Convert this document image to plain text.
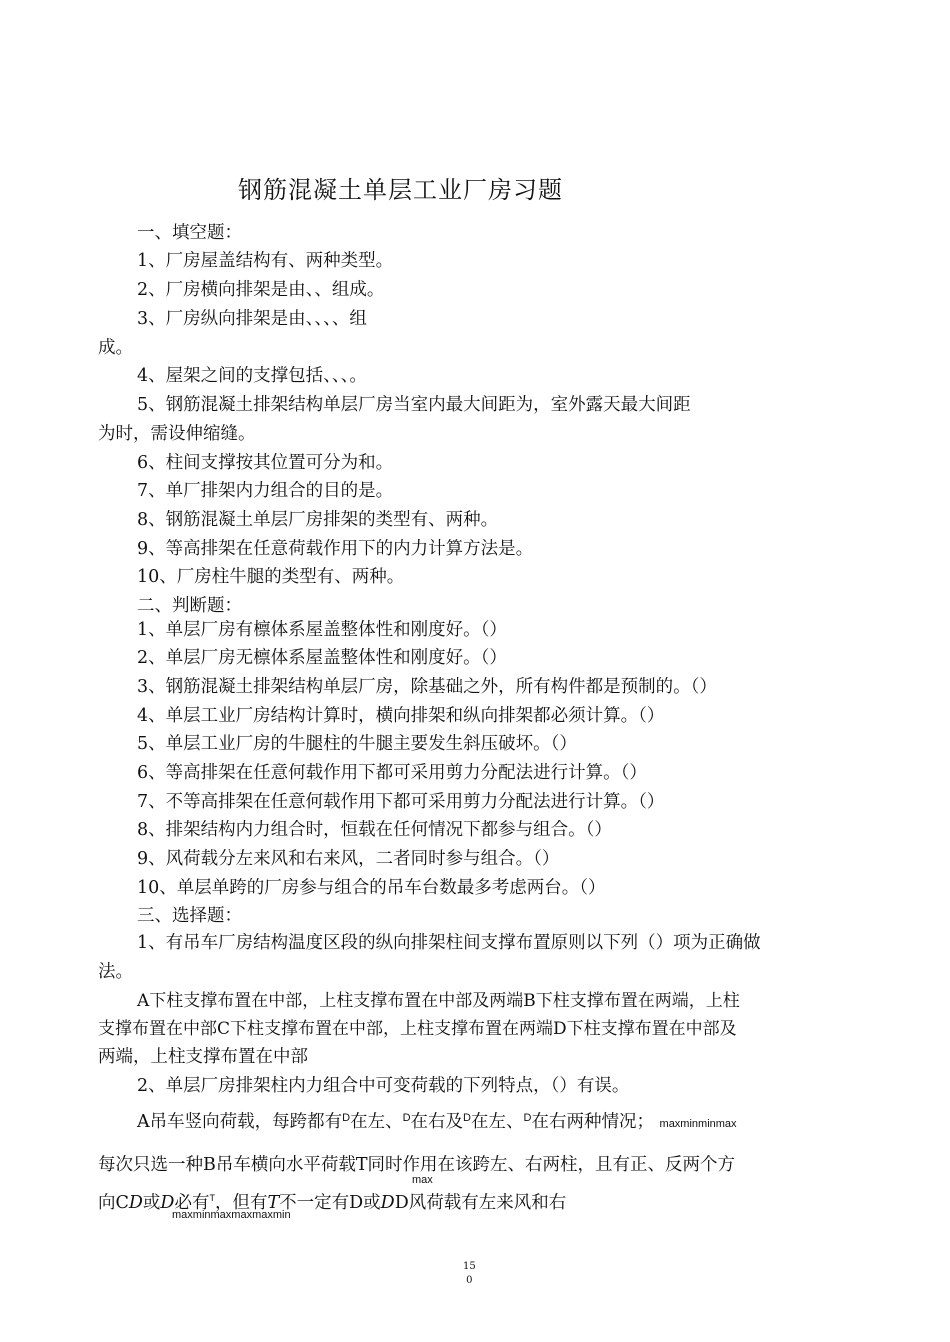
钢筋混凝土单层工业厂房习题
一、填空题：
1、厂房屋盖结构有、两种类型。
2、厂房横向排架是由、、组成。
3、厂房纵向排架是由、、、、组
成。
4、屋架之间的支撑包括、、、。
5、钢筋混凝土排架结构单层厂房当室内最大间距为，室外露天最大间距
为时，需设伸缩缝。
6、柱间支撑按其位置可分为和。
7、单厂排架内力组合的目的是。
8、钢筋混凝土单层厂房排架的类型有、两种。
9、等高排架在任意荷载作用下的内力计算方法是。
10、厂房柱牛腿的类型有、两种。
二、判断题：
1、单层厂房有檩体系屋盖整体性和刚度好。（）
2、单层厂房无檩体系屋盖整体性和刚度好。（）
3、钢筋混凝土排架结构单层厂房，除基础之外，所有构件都是预制的。（）
4、单层工业厂房结构计算时，横向排架和纵向排架都必须计算。（）
5、单层工业厂房的牛腿柱的牛腿主要发生斜压破坏。（）
6、等高排架在任意何载作用下都可采用剪力分配法进行计算。（）
7、不等高排架在任意何载作用下都可采用剪力分配法进行计算。（）
8、排架结构内力组合时，恒载在任何情况下都参与组合。（）
9、风荷载分左来风和右来风，二者同时参与组合。（）
10、单层单跨的厂房参与组合的吊车台数最多考虑两台。（）
三、选择题：
1、有吊车厂房结构温度区段的纵向排架柱间支撑布置原则以下列（）项为正确做
法。
A下柱支撑布置在中部，上柱支撑布置在中部及两端B下柱支撑布置在两端，上柱
支撑布置在中部C下柱支撑布置在中部，上柱支撑布置在两端D下柱支撑布置在中部及
两端，上柱支撑布置在中部
2、单层厂房排架柱内力组合中可变荷载的下列特点，（）有误。
A吊车竖向荷载，每跨都有$^D$在左、$^D$在右及$^D$在左、$^D$在右两种情况； maxminminmax
每次只选一种B吊车横向水平荷载T同时作用在该跨左、右两柱，且有正、反两个方
max
向CD或D必有$^T$，但有T不一定有D或DD风荷载有左来风和右
maxminmaxmaxmaxmin
15
0
